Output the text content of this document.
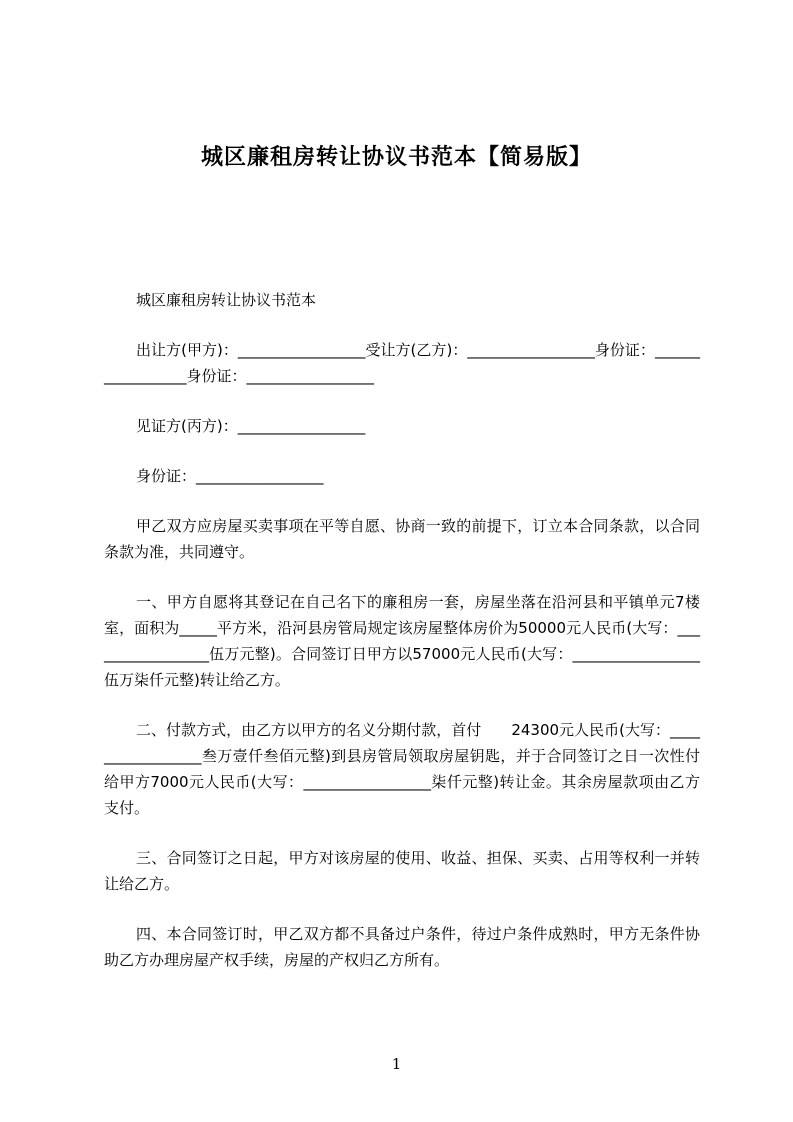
城区廉租房转让协议书范本【简易版】

城区廉租房转让协议书范本

出让方(甲方)：_________________受让方(乙方)：_________________身份证：_________________身份证：_________________

见证方(丙方)：_________________

身份证：_________________

甲乙双方应房屋买卖事项在平等自愿、协商一致的前提下，订立本合同条款，以合同条款为准，共同遵守。

一、甲方自愿将其登记在自己名下的廉租房一套，房屋坐落在沿河县和平镇单元7楼室，面积为_____平方米，沿河县房管局规定该房屋整体房价为50000元人民币(大写：_________________伍万元整)。合同签订日甲方以57000元人民币(大写：_________________伍万柒仟元整)转让给乙方。

二、付款方式，由乙方以甲方的名义分期付款，首付　　24300元人民币(大写：_________________叁万壹仟叁佰元整)到县房管局领取房屋钥匙，并于合同签订之日一次性付给甲方7000元人民币(大写：_________________柒仟元整)转让金。其余房屋款项由乙方支付。

三、合同签订之日起，甲方对该房屋的使用、收益、担保、买卖、占用等权利一并转让给乙方。

四、本合同签订时，甲乙双方都不具备过户条件，待过户条件成熟时，甲方无条件协助乙方办理房屋产权手续，房屋的产权归乙方所有。

1
